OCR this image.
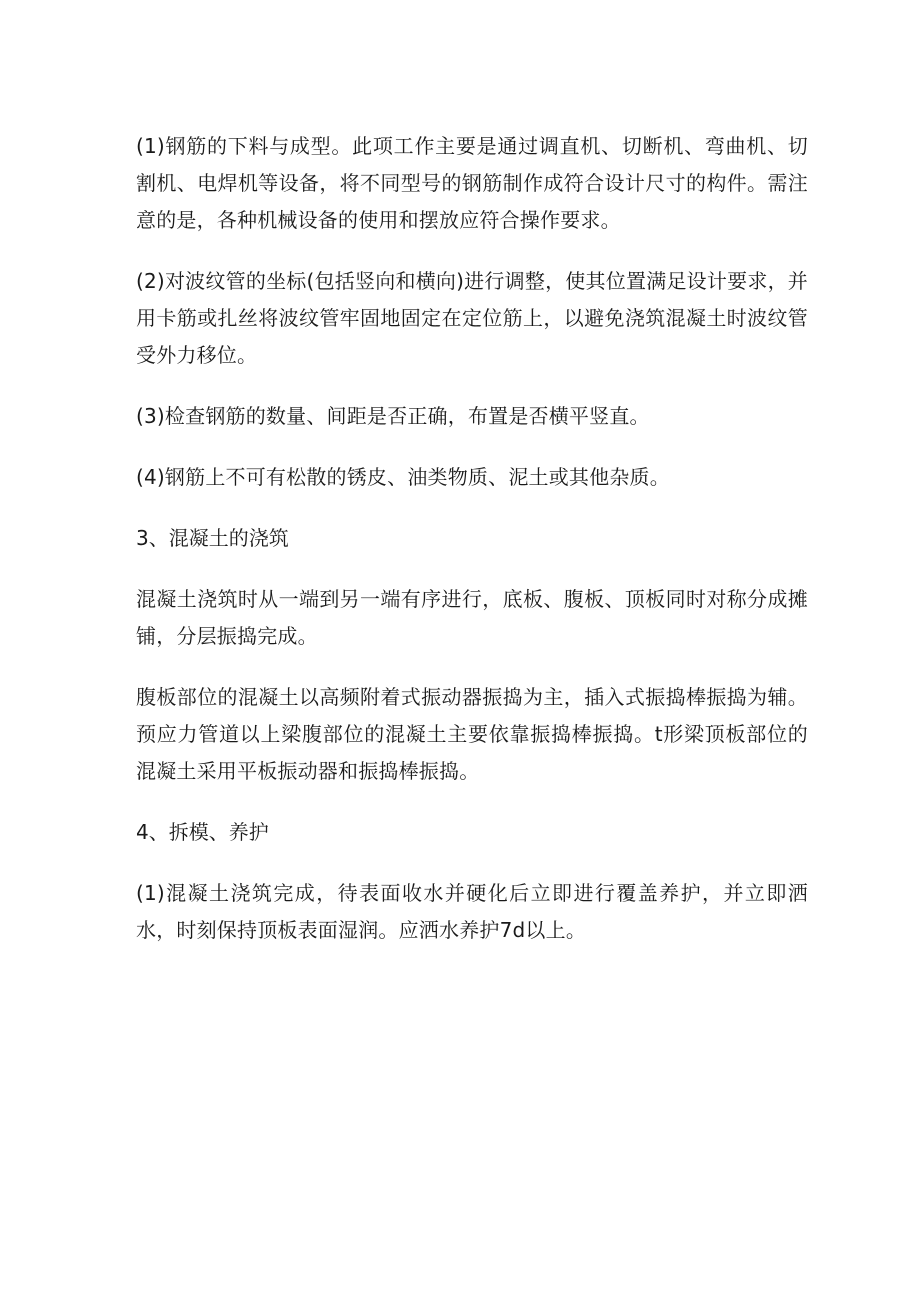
(1)钢筋的下料与成型。此项工作主要是通过调直机、切断机、弯曲机、切割机、电焊机等设备，将不同型号的钢筋制作成符合设计尺寸的构件。需注意的是，各种机械设备的使用和摆放应符合操作要求。

(2)对波纹管的坐标(包括竖向和横向)进行调整，使其位置满足设计要求，并用卡筋或扎丝将波纹管牢固地固定在定位筋上，以避免浇筑混凝土时波纹管受外力移位。

(3)检查钢筋的数量、间距是否正确，布置是否横平竖直。

(4)钢筋上不可有松散的锈皮、油类物质、泥土或其他杂质。

3、混凝土的浇筑

混凝土浇筑时从一端到另一端有序进行，底板、腹板、顶板同时对称分成摊铺，分层振捣完成。

腹板部位的混凝土以高频附着式振动器振捣为主，插入式振捣棒振捣为辅。预应力管道以上梁腹部位的混凝土主要依靠振捣棒振捣。t形梁顶板部位的混凝土采用平板振动器和振捣棒振捣。

4、拆模、养护

(1)混凝土浇筑完成，待表面收水并硬化后立即进行覆盖养护，并立即洒水，时刻保持顶板表面湿润。应洒水养护7d以上。
